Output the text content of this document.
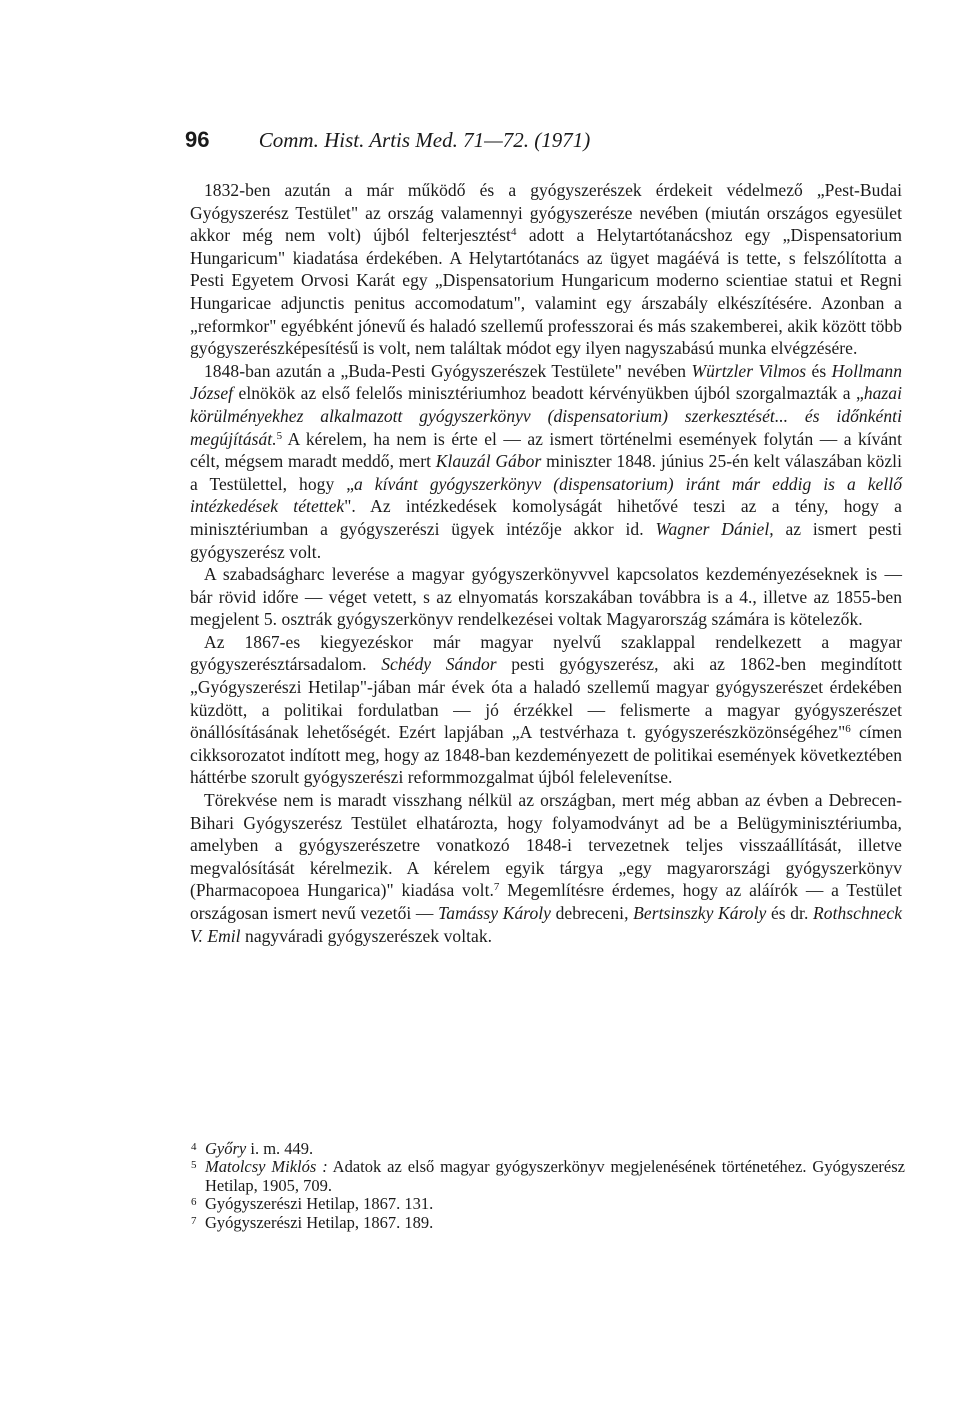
96 Comm. Hist. Artis Med. 71—72. (1971)

1832-ben azután a már működő és a gyógyszerészek érdekeit védelmező „Pest-Budai Gyógyszerész Testület" az ország valamennyi gyógyszerésze nevében (miután országos egyesület akkor még nem volt) újból felterjesztést$^4$ adott a Helytartótanácshoz egy „Dispensatorium Hungaricum" kiadatása érdekében. A Helytartótanács az ügyet magáévá is tette, s felszólította a Pesti Egyetem Orvosi Karát egy „Dispensatorium Hungaricum moderno scientiae statui et Regni Hungaricae adjunctis penitus accomodatum", valamint egy árszabály elkészítésére. Azonban a „reformkor" egyébként jónevű és haladó szellemű professzorai és más szakemberei, akik között több gyógyszerészképesítésű is volt, nem találtak módot egy ilyen nagyszabású munka elvégzésére.

1848-ban azután a „Buda-Pesti Gyógyszerészek Testülete" nevében Würtzler Vilmos és Hollmann József elnökök az első felelős minisztériumhoz beadott kérvényükben újból szorgalmazták a „hazai körülményekhez alkalmazott gyógyszerkönyv (dispensatorium) szerkesztését... és időnkénti megújítását.$^5$ A kérelem, ha nem is érte el — az ismert történelmi események folytán — a kívánt célt, mégsem maradt meddő, mert Klauzál Gábor miniszter 1848. június 25-én kelt válaszában közli a Testülettel, hogy „a kívánt gyógyszerkönyv (dispensatorium) iránt már eddig is a kellő intézkedések tétettek". Az intézkedések komolyságát hihetővé teszi az a tény, hogy a minisztériumban a gyógyszerészi ügyek intézője akkor id. Wagner Dániel, az ismert pesti gyógyszerész volt.

A szabadságharc leverése a magyar gyógyszerkönyvvel kapcsolatos kezdeményezéseknek is — bár rövid időre — véget vetett, s az elnyomatás korszakában továbbra is a 4., illetve az 1855-ben megjelent 5. osztrák gyógyszerkönyv rendelkezései voltak Magyarország számára is kötelezők.

Az 1867-es kiegyezéskor már magyar nyelvű szaklappal rendelkezett a magyar gyógyszerésztársadalom. Schédy Sándor pesti gyógyszerész, aki az 1862-ben megindított „Gyógyszerészi Hetilap"-jában már évek óta a haladó szellemű magyar gyógyszerészet érdekében küzdött, a politikai fordulatban — jó érzékkel — felismerte a magyar gyógyszerészet önállósításának lehetőségét. Ezért lapjában „A testvérhaza t. gyógyszerészközönségéhez"$^6$ címen cikksorozatot indított meg, hogy az 1848-ban kezdeményezett de politikai események következtében háttérbe szorult gyógyszerészi reformmozgalmat újból felelevenítse.

Törekvése nem is maradt visszhang nélkül az országban, mert még abban az évben a Debrecen-Bihari Gyógyszerész Testület elhatározta, hogy folyamodványt ad be a Belügyminisztériumba, amelyben a gyógyszerészetre vonatkozó 1848-i tervezetnek teljes visszaállítását, illetve megvalósítását kérelmezik. A kérelem egyik tárgya „egy magyarországi gyógyszerkönyv (Pharmacopoea Hungarica)" kiadása volt.$^7$ Megemlítésre érdemes, hogy az aláírók — a Testület országosan ismert nevű vezetői — Tamássy Károly debreceni, Bertsinszky Károly és dr. Rothschneck V. Emil nagyváradi gyógyszerészek voltak.

4 Győry i. m. 449.
5 Matolcsy Miklós : Adatok az első magyar gyógyszerkönyv megjelenésének történetéhez. Gyógyszerész Hetilap, 1905, 709.
6 Gyógyszerészi Hetilap, 1867. 131.
7 Gyógyszerészi Hetilap, 1867. 189.
